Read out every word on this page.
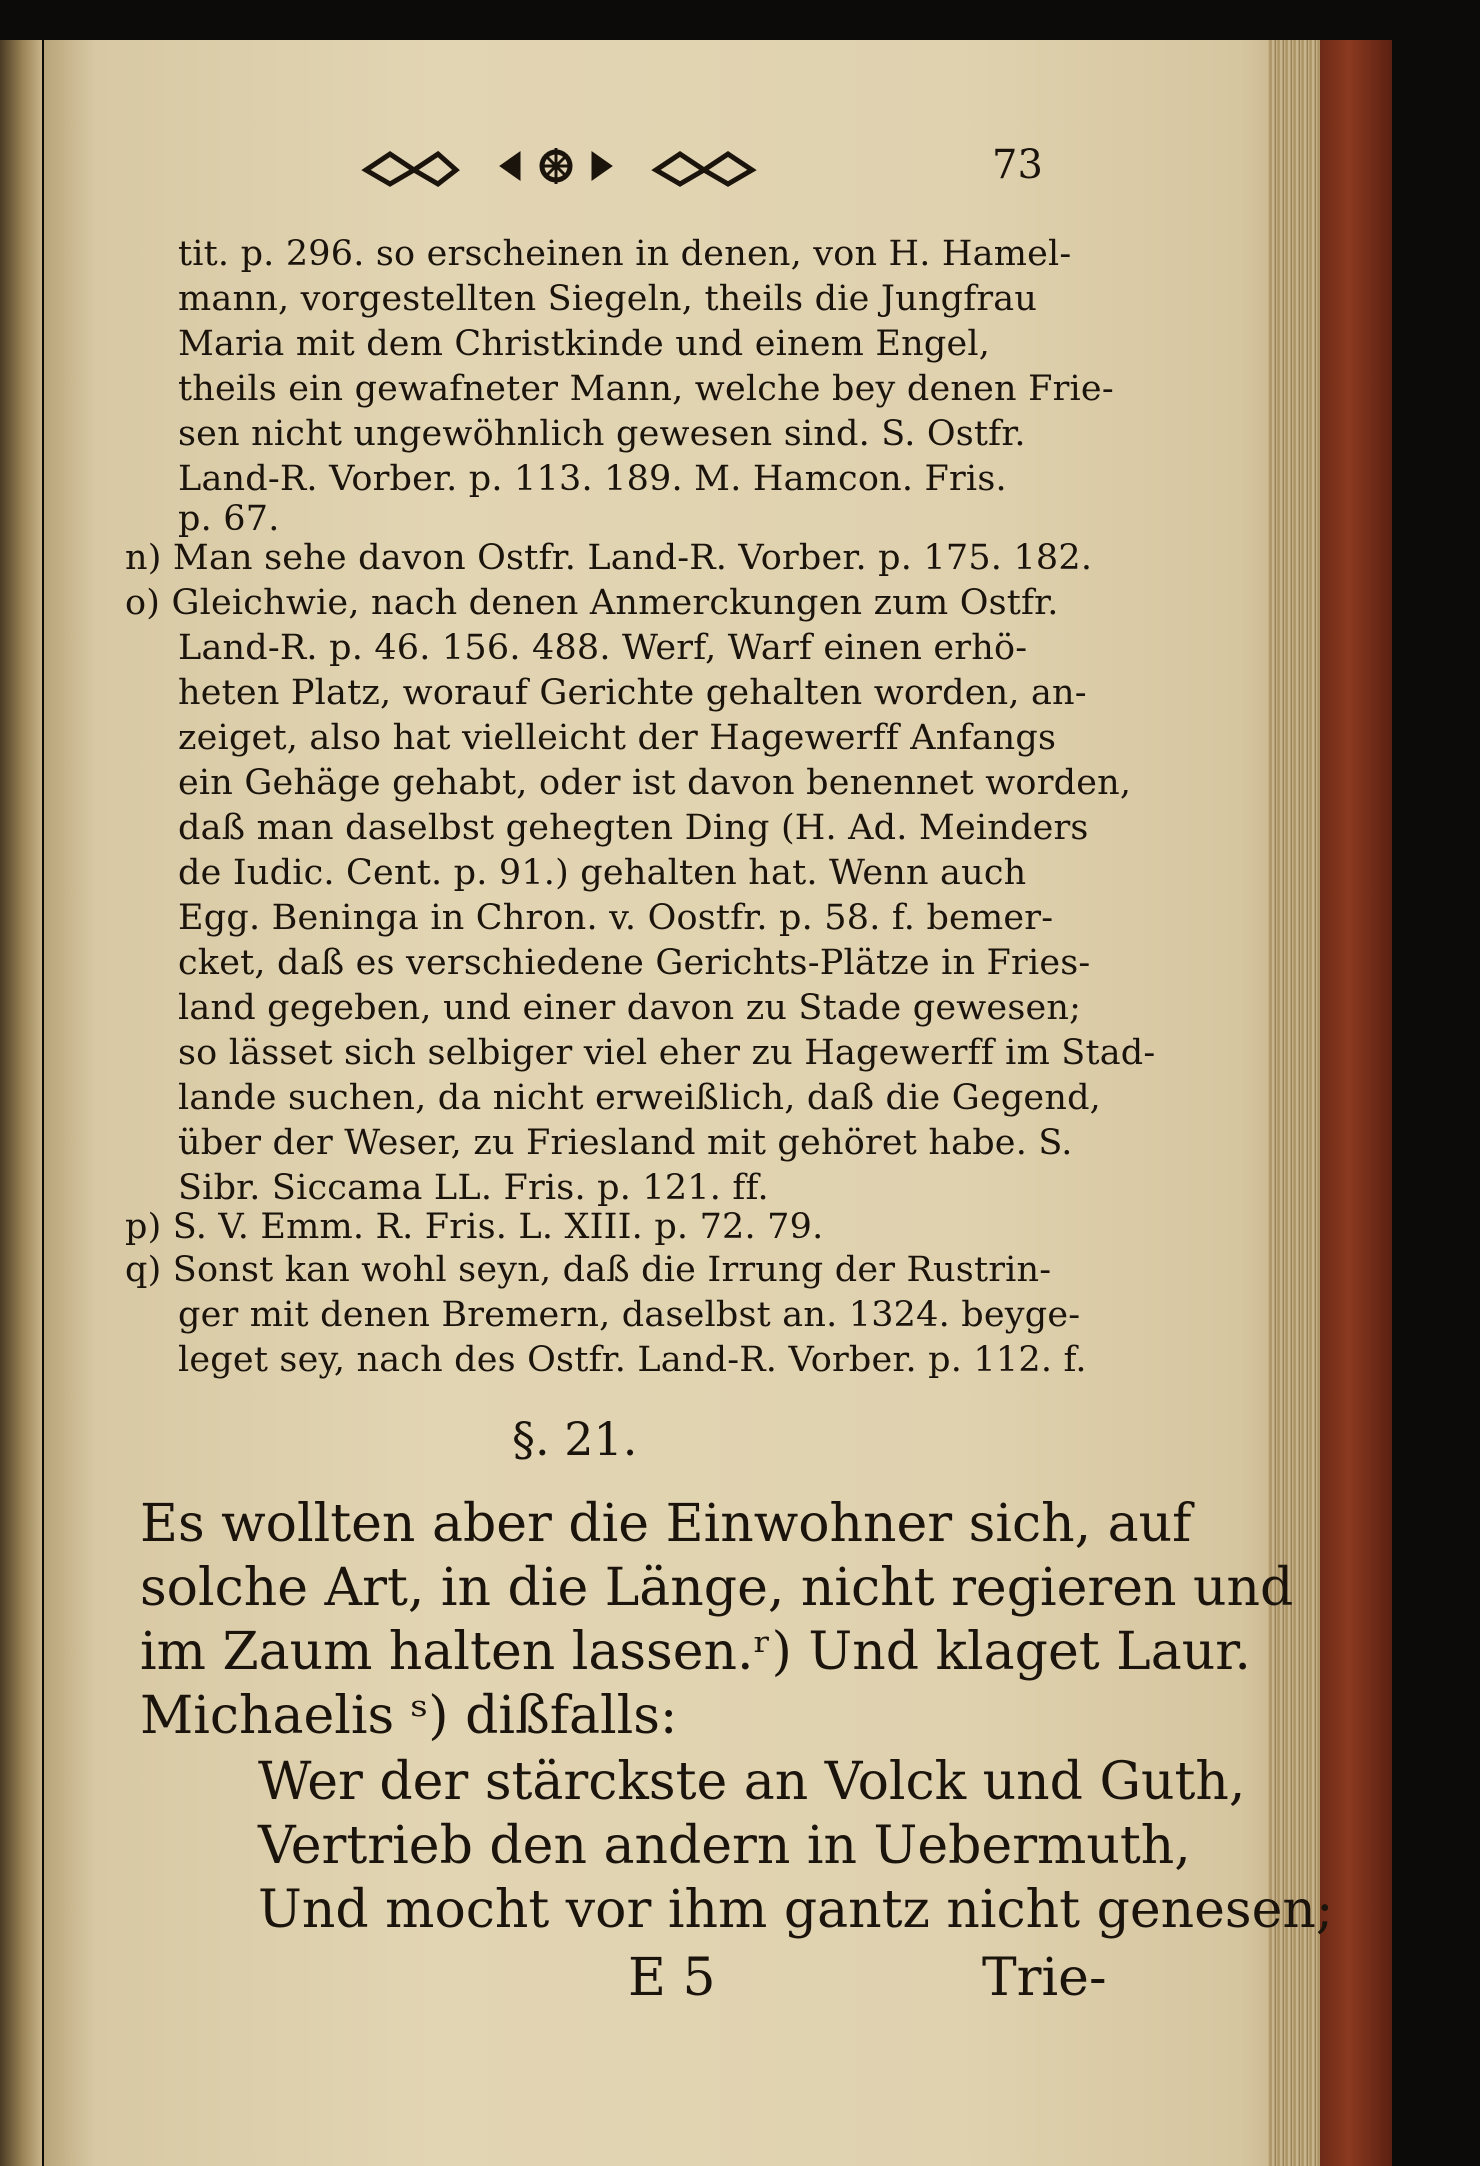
73
tit. p. 296. so erscheinen in denen, von H. Hamel-
mann, vorgestellten Siegeln, theils die Jungfrau
Maria mit dem Christkinde und einem Engel,
theils ein gewafneter Mann, welche bey denen Frie-
sen nicht ungewöhnlich gewesen sind. S. Ostfr.
Land-R. Vorber. p. 113. 189. M. Hamcon. Fris.
p. 67.
n) Man sehe davon Ostfr. Land-R. Vorber. p. 175. 182.
o) Gleichwie, nach denen Anmerckungen zum Ostfr.
Land-R. p. 46. 156. 488. Werf, Warf einen erhö-
heten Platz, worauf Gerichte gehalten worden, an-
zeiget, also hat vielleicht der Hagewerff Anfangs
ein Gehäge gehabt, oder ist davon benennet worden,
daß man daselbst gehegten Ding (H. Ad. Meinders
de Iudic. Cent. p. 91.) gehalten hat. Wenn auch
Egg. Beninga in Chron. v. Oostfr. p. 58. f. bemer-
cket, daß es verschiedene Gerichts-Plätze in Fries-
land gegeben, und einer davon zu Stade gewesen;
so lässet sich selbiger viel eher zu Hagewerff im Stad-
lande suchen, da nicht erweißlich, daß die Gegend,
über der Weser, zu Friesland mit gehöret habe. S.
Sibr. Siccama LL. Fris. p. 121. ff.
p) S. V. Emm. R. Fris. L. XIII. p. 72. 79.
q) Sonst kan wohl seyn, daß die Irrung der Rustrin-
ger mit denen Bremern, daselbst an. 1324. beyge-
leget sey, nach des Ostfr. Land-R. Vorber. p. 112. f.
§. 21.
Es wollten aber die Einwohner sich, auf
solche Art, in die Länge, nicht regieren und
im Zaum halten lassen.ʳ) Und klaget Laur.
Michaelis ˢ) dißfalls:
Wer der stärckste an Volck und Guth,
Vertrieb den andern in Uebermuth,
Und mocht vor ihm gantz nicht genesen;
E 5	Trie-
